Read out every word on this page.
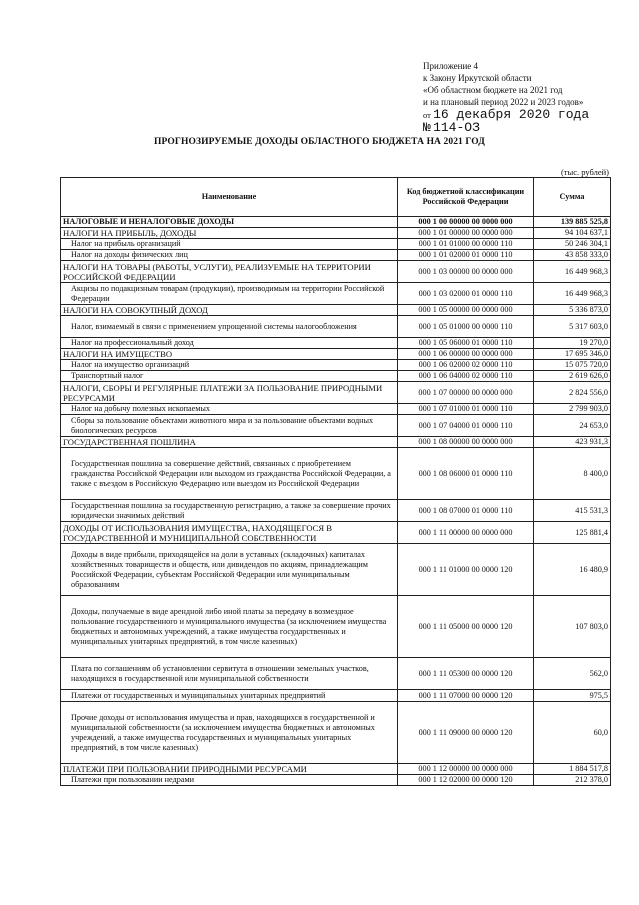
Приложение 4
к Закону Иркутской области
«Об областном бюджете на 2021 год
и на плановый период 2022 и 2023 годов»
от 16 декабря 2020 года
№ 114-ОЗ
ПРОГНОЗИРУЕМЫЕ ДОХОДЫ ОБЛАСТНОГО БЮДЖЕТА НА 2021 ГОД
(тыс. рублей)
Наименование	Код бюджетной классификации Российской Федерации	Сумма
НАЛОГОВЫЕ И НЕНАЛОГОВЫЕ ДОХОДЫ	000 1 00 00000 00 0000 000	139 885 525,8
НАЛОГИ НА ПРИБЫЛЬ, ДОХОДЫ	000 1 01 00000 00 0000 000	94 104 637,1
Налог на прибыль организаций	000 1 01 01000 00 0000 110	50 246 304,1
Налог на доходы физических лиц	000 1 01 02000 01 0000 110	43 858 333,0
НАЛОГИ НА ТОВАРЫ (РАБОТЫ, УСЛУГИ), РЕАЛИЗУЕМЫЕ НА ТЕРРИТОРИИ РОССИЙСКОЙ ФЕДЕРАЦИИ	000 1 03 00000 00 0000 000	16 449 968,3
Акцизы по подакцизным товарам (продукции), производимым на территории Российской Федерации	000 1 03 02000 01 0000 110	16 449 968,3
НАЛОГИ НА СОВОКУПНЫЙ ДОХОД	000 1 05 00000 00 0000 000	5 336 873,0
Налог, взимаемый в связи с применением упрощенной системы налогообложения	000 1 05 01000 00 0000 110	5 317 603,0
Налог на профессиональный доход	000 1 05 06000 01 0000 110	19 270,0
НАЛОГИ НА ИМУЩЕСТВО	000 1 06 00000 00 0000 000	17 695 346,0
Налог на имущество организаций	000 1 06 02000 02 0000 110	15 075 720,0
Транспортный налог	000 1 06 04000 02 0000 110	2 619 626,0
НАЛОГИ, СБОРЫ И РЕГУЛЯРНЫЕ ПЛАТЕЖИ ЗА ПОЛЬЗОВАНИЕ ПРИРОДНЫМИ РЕСУРСАМИ	000 1 07 00000 00 0000 000	2 824 556,0
Налог на добычу полезных ископаемых	000 1 07 01000 01 0000 110	2 799 903,0
Сборы за пользование объектами животного мира и за пользование объектами водных биологических ресурсов	000 1 07 04000 01 0000 110	24 653,0
ГОСУДАРСТВЕННАЯ ПОШЛИНА	000 1 08 00000 00 0000 000	423 931,3
Государственная пошлина за совершение действий, связанных с приобретением гражданства Российской Федерации или выходом из гражданства Российской Федерации, а также с въездом в Российскую Федерацию или выездом из Российской Федерации	000 1 08 06000 01 0000 110	8 400,0
Государственная пошлина за государственную регистрацию, а также за совершение прочих юридически значимых действий	000 1 08 07000 01 0000 110	415 531,3
ДОХОДЫ ОТ ИСПОЛЬЗОВАНИЯ ИМУЩЕСТВА, НАХОДЯЩЕГОСЯ В ГОСУДАРСТВЕННОЙ И МУНИЦИПАЛЬНОЙ СОБСТВЕННОСТИ	000 1 11 00000 00 0000 000	125 881,4
Доходы в виде прибыли, приходящейся на доли в уставных (складочных) капиталах хозяйственных товариществ и обществ, или дивидендов по акциям, принадлежащим Российской Федерации, субъектам Российской Федерации или муниципальным образованиям	000 1 11 01000 00 0000 120	16 480,9
Доходы, получаемые в виде арендной либо иной платы за передачу в возмездное пользование государственного и муниципального имущества (за исключением имущества бюджетных и автономных учреждений, а также имущества государственных и муниципальных унитарных предприятий, в том числе казенных)	000 1 11 05000 00 0000 120	107 803,0
Плата по соглашениям об установлении сервитута в отношении земельных участков, находящихся в государственной или муниципальной собственности	000 1 11 05300 00 0000 120	562,0
Платежи от государственных и муниципальных унитарных предприятий	000 1 11 07000 00 0000 120	975,5
Прочие доходы от использования имущества и прав, находящихся в государственной и муниципальной собственности (за исключением имущества бюджетных и автономных учреждений, а также имущества государственных и муниципальных унитарных предприятий, в том числе казенных)	000 1 11 09000 00 0000 120	60,0
ПЛАТЕЖИ ПРИ ПОЛЬЗОВАНИИ ПРИРОДНЫМИ РЕСУРСАМИ	000 1 12 00000 00 0000 000	1 884 517,8
Платежи при пользовании недрами	000 1 12 02000 00 0000 120	212 378,0
